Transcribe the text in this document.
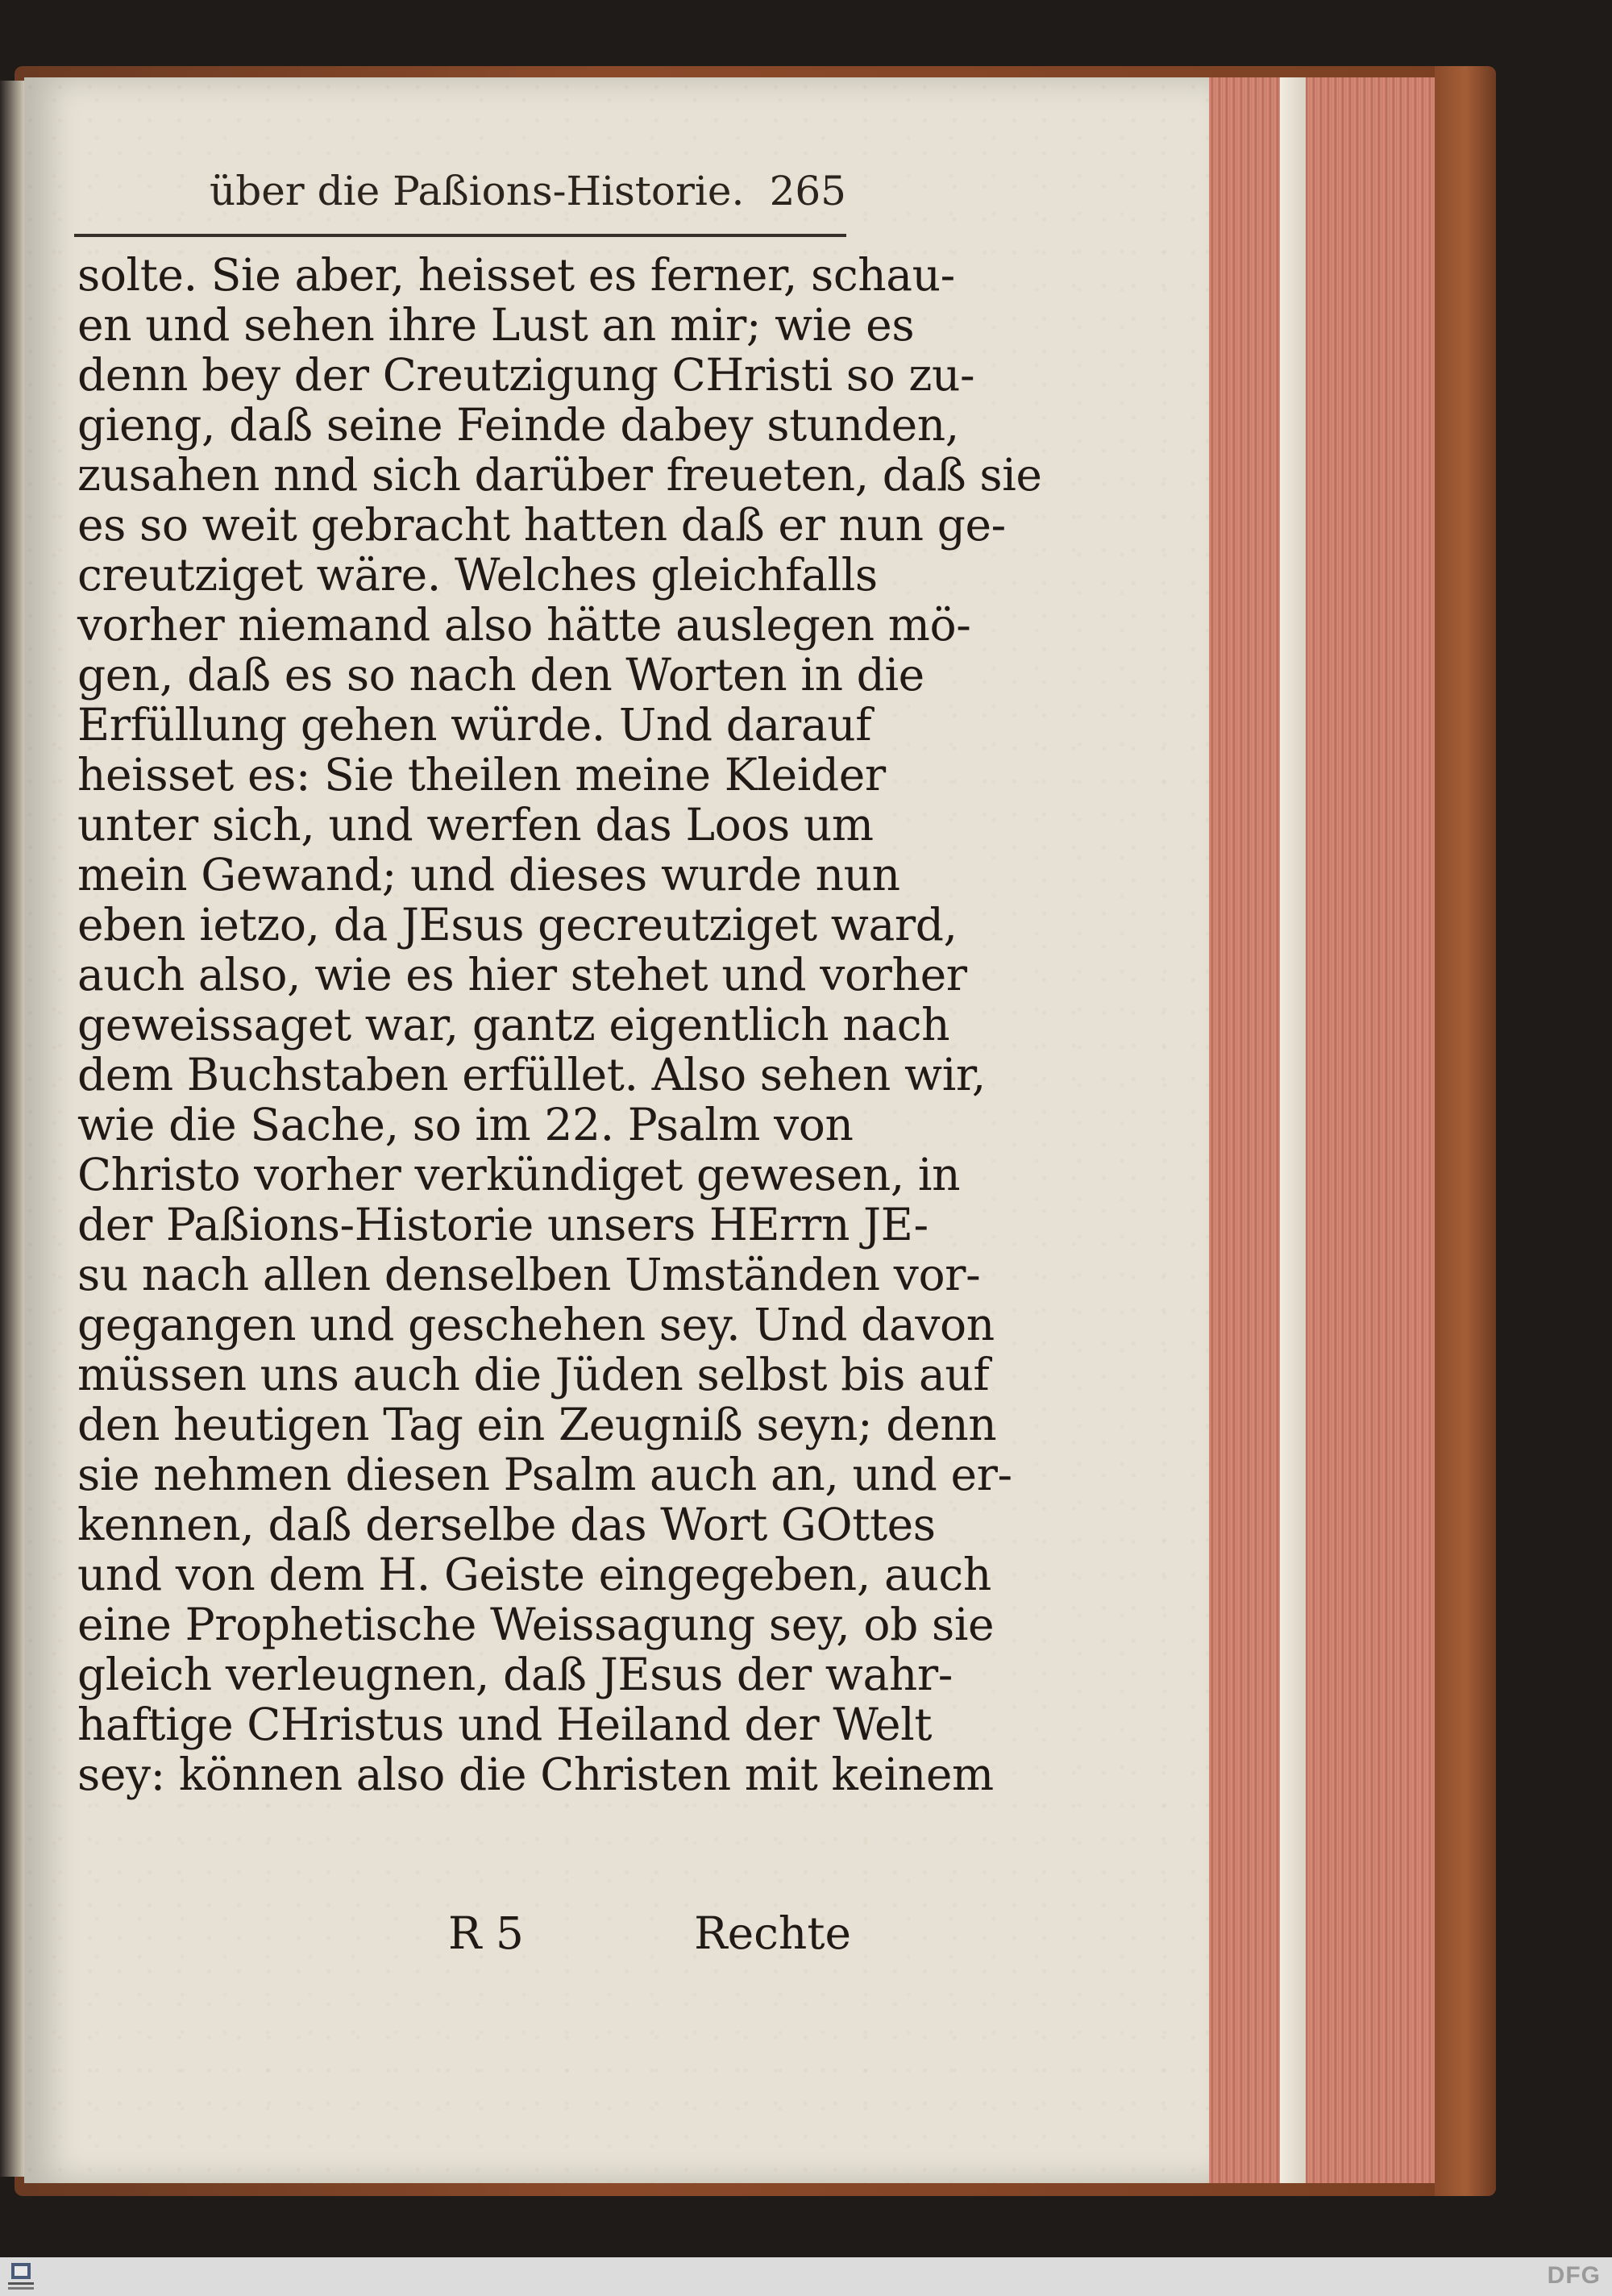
über die Paßions-Historie. 265
solte. Sie aber, heisset es ferner, schau-
en und sehen ihre Lust an mir; wie es
denn bey der Creutzigung CHristi so zu-
gieng, daß seine Feinde dabey stunden,
zusahen nnd sich darüber freueten, daß sie
es so weit gebracht hatten daß er nun ge-
creutziget wäre. Welches gleichfalls
vorher niemand also hätte auslegen mö-
gen, daß es so nach den Worten in die
Erfüllung gehen würde. Und darauf
heisset es: Sie theilen meine Kleider
unter sich, und werfen das Loos um
mein Gewand; und dieses wurde nun
eben ietzo, da JEsus gecreutziget ward,
auch also, wie es hier stehet und vorher
geweissaget war, gantz eigentlich nach
dem Buchstaben erfüllet. Also sehen wir,
wie die Sache, so im 22. Psalm von
Christo vorher verkündiget gewesen, in
der Paßions-Historie unsers HErrn JE-
su nach allen denselben Umständen vor-
gegangen und geschehen sey. Und davon
müssen uns auch die Jüden selbst bis auf
den heutigen Tag ein Zeugniß seyn; denn
sie nehmen diesen Psalm auch an, und er-
kennen, daß derselbe das Wort GOttes
und von dem H. Geiste eingegeben, auch
eine Prophetische Weissagung sey, ob sie
gleich verleugnen, daß JEsus der wahr-
haftige CHristus und Heiland der Welt
sey: können also die Christen mit keinem
R 5	Rechte
DFG
